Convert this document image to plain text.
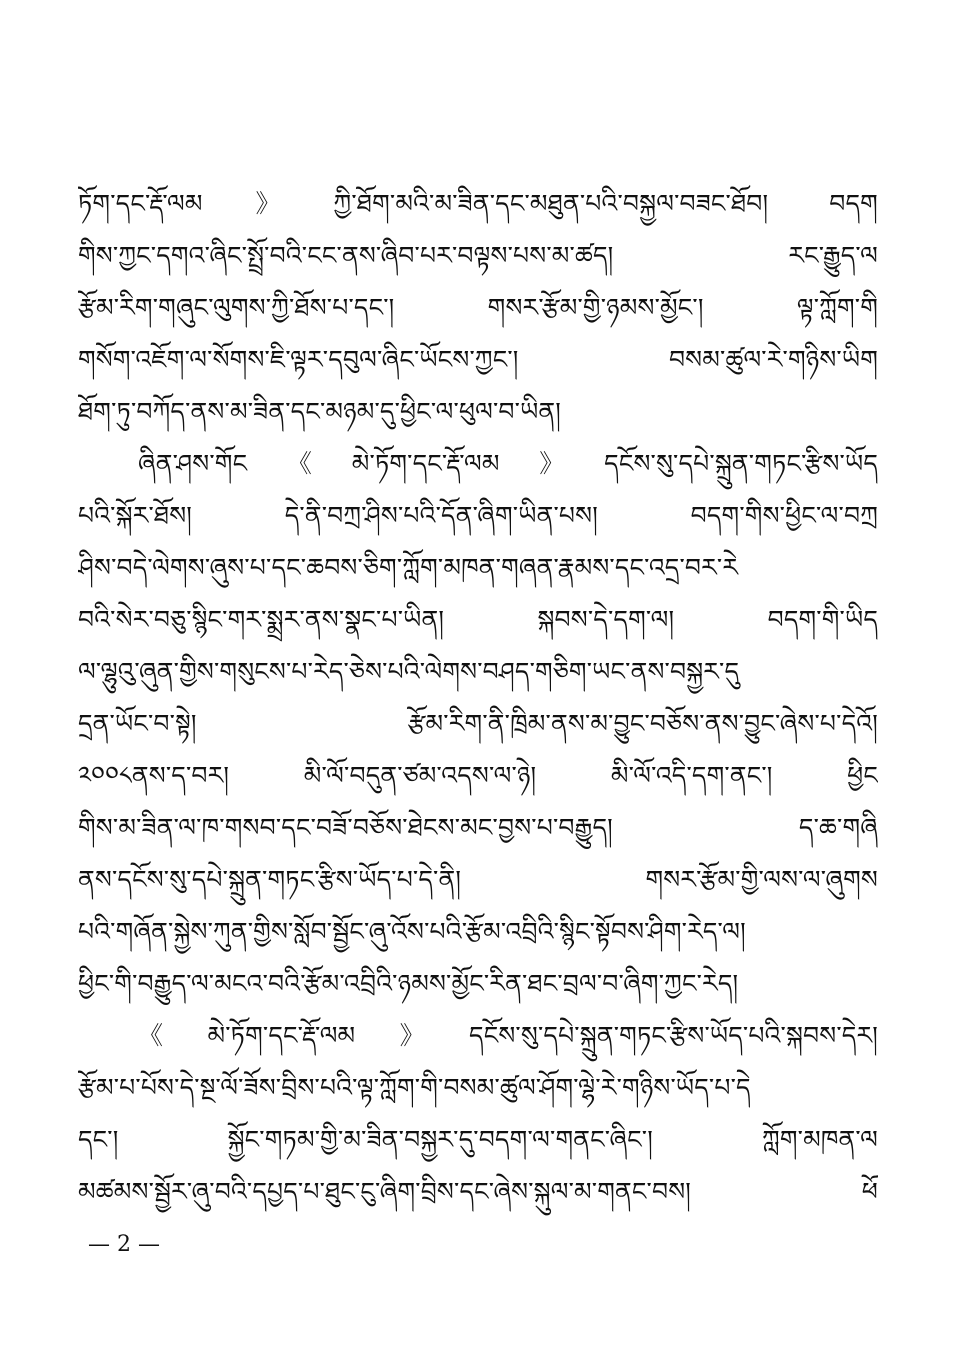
ཏོག་དང་རྡོ་ལམ》ཀྱི་ཐོག་མའི་མ་ཟིན་དང་མཐུན་པའི་བསྐྱལ་བཟང་ཐོབ། བདག
གིས་ཀྱང་དགའ་ཞིང་སྤྲོ་བའི་ངང་ནས་ཞིབ་པར་བལྟས་པས་མ་ཚད། རང་རྒྱུད་ལ
རྩོམ་རིག་གཞུང་ལུགས་ཀྱི་ཐོས་པ་དང་། གསར་རྩོམ་གྱི་ཉམས་མྱོང་། ལྟ་ཀློག་གི
གསོག་འཇོག་ལ་སོགས་ཇི་ལྟར་དབུལ་ཞིང་ཡོངས་ཀྱང་། བསམ་ཚུལ་རེ་གཉིས་ཡིག
ཐོག་ཏུ་བཀོད་ནས་མ་ཟིན་དང་མཉམ་དུ་ཕྱིང་ལ་ཕུལ་བ་ཡིན།
ཞིན་ཤས་གོང《མེ་ཏོག་དང་རྡོ་ལམ》དངོས་སུ་དཔེ་སྐྲུན་གཏང་རྩིས་ཡོད
པའི་སྐོར་ཐོས། དེ་ནི་བཀྲ་ཤིས་པའི་དོན་ཞིག་ཡིན་པས། བདག་གིས་ཕྱིང་ལ་བཀྲ
ཤིས་བདེ་ལེགས་ཞུས་པ་དང་ཆབས་ཅིག་ཀློག་མཁན་གཞན་རྣམས་དང་འདྲ་བར་རེ
བའི་སེར་བཅུ་སྙིང་གར་སྨྲར་ནས་སྣང་པ་ཡིན། སྐབས་དེ་དག་ལ། བདག་གི་ཡིད
ལ་ལྷུའུ་ཞུན་གྱིས་གསུངས་པ་རེད་ཅེས་པའི་ལེགས་བཤད་གཅིག་ཡང་ནས་བསྐྱར་དུ
དྲན་ཡོང་བ་སྟེ། རྩོམ་རིག་ནི་ཁྲིམ་ནས་མ་བྱུང་བཅོས་ནས་བྱུང་ཞེས་པ་དེའོ།
༢༠༠༨ནས་ད་བར། མི་ལོ་བདུན་ཙམ་འདས་ལ་ཉེ། མི་ལོ་འདི་དག་ནང་། ཕྱིང
གིས་མ་ཟིན་ལ་ཁ་གསབ་དང་བཟོ་བཅོས་ཐེངས་མང་བྱས་པ་བརྒྱུད། ད་ཆ་གཞི
ནས་དངོས་སུ་དཔེ་སྐྲུན་གཏང་རྩིས་ཡོད་པ་དེ་ནི། གསར་རྩོམ་གྱི་ལས་ལ་ཞུགས
པའི་གཞོན་སྐྱེས་ཀུན་གྱིས་སློབ་སྦྱོང་ཞུ་འོས་པའི་རྩོམ་འབྲིའི་སྙིང་སྟོབས་ཤིག་རེད་ལ།
ཕྱིང་གི་བརྒྱུད་ལ་མངའ་བའི་རྩོམ་འབྲིའི་ཉམས་མྱོང་རིན་ཐང་བྲལ་བ་ཞིག་ཀྱང་རེད།
《མེ་ཏོག་དང་རྡོ་ལམ》དངོས་སུ་དཔེ་སྐྲུན་གཏང་རྩིས་ཡོད་པའི་སྐབས་དེར།
རྩོམ་པ་པོས་དེ་སྔ་ལོ་ཟོས་བྲིས་པའི་ལྟ་ཀློག་གི་བསམ་ཚུལ་ཤོག་ལྷེ་རེ་གཉིས་ཡོད་པ་དེ
དང་། སྐྱོང་གཏམ་གྱི་མ་ཟིན་བསྐྱར་དུ་བདག་ལ་གནང་ཞིང་། ཀློག་མཁན་ལ
མཚམས་སྦྱོར་ཞུ་བའི་དཔྱད་པ་ཐུང་ངུ་ཞིག་བྲིས་དང་ཞེས་སྐུལ་མ་གནང་བས། ཕོ
— 2 —
